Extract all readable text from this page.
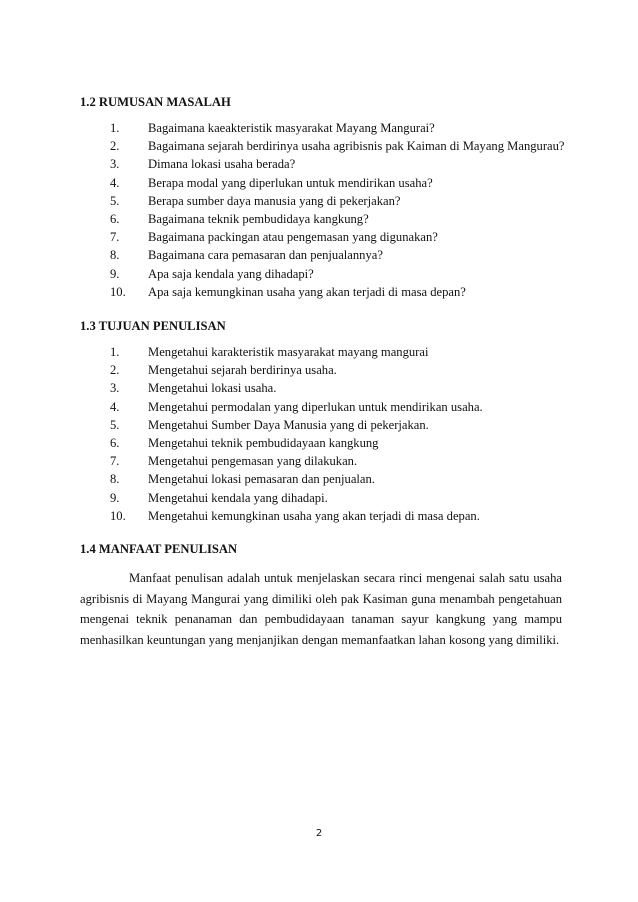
1.2 RUMUSAN MASALAH
1.	Bagaimana kaeakteristik masyarakat Mayang Mangurai?
2.	Bagaimana sejarah berdirinya usaha agribisnis pak Kaiman di Mayang Mangurau?
3.	Dimana lokasi usaha berada?
4.	Berapa modal yang diperlukan untuk mendirikan usaha?
5.	Berapa sumber daya manusia yang di pekerjakan?
6.	Bagaimana teknik pembudidaya kangkung?
7.	Bagaimana packingan atau pengemasan yang digunakan?
8.	Bagaimana cara pemasaran dan penjualannya?
9.	Apa saja kendala yang dihadapi?
10.	Apa saja kemungkinan usaha yang akan terjadi di masa depan?
1.3 TUJUAN PENULISAN
1.	Mengetahui karakteristik masyarakat mayang mangurai
2.	Mengetahui sejarah berdirinya usaha.
3.	Mengetahui lokasi usaha.
4.	Mengetahui permodalan yang diperlukan untuk mendirikan usaha.
5.	Mengetahui Sumber Daya Manusia yang di pekerjakan.
6.	Mengetahui teknik pembudidayaan kangkung
7.	Mengetahui pengemasan yang dilakukan.
8.	Mengetahui lokasi pemasaran dan penjualan.
9.	Mengetahui kendala yang dihadapi.
10.	Mengetahui kemungkinan usaha yang akan terjadi di masa depan.
1.4 MANFAAT PENULISAN

Manfaat penulisan adalah untuk menjelaskan secara rinci mengenai salah satu usaha agribisnis di Mayang Mangurai yang dimiliki oleh pak Kasiman guna menambah pengetahuan mengenai teknik penanaman dan pembudidayaan tanaman sayur kangkung yang mampu menhasilkan keuntungan yang menjanjikan dengan memanfaatkan lahan kosong yang dimiliki.

2
